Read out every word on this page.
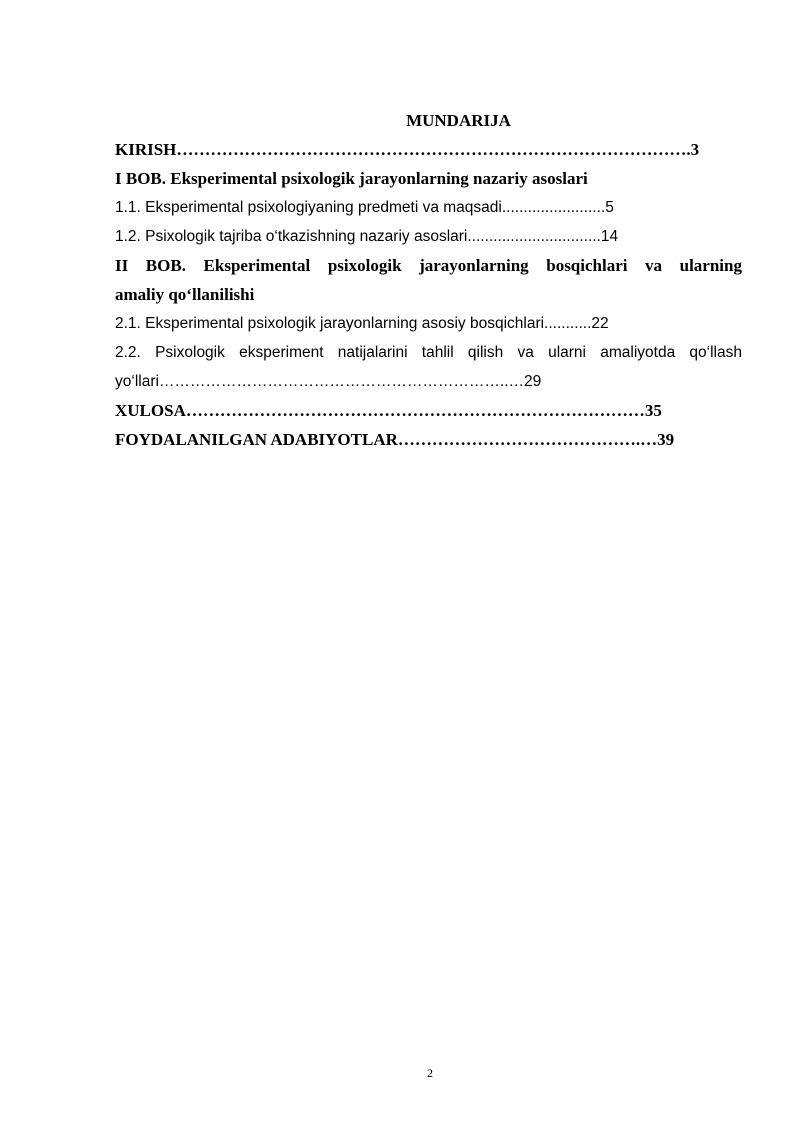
MUNDARIJA
KIRISH……………………………………………………………………………….3
I BOB. Eksperimental psixologik jarayonlarning nazariy asoslari
1.1. Eksperimental psixologiyaning predmeti va maqsadi........................5
1.2. Psixologik tajriba o‘tkazishning nazariy asoslari...............................14
II BOB. Eksperimental psixologik jarayonlarning bosqichlari va ularning
amaliy qo‘llanilishi
2.1. Eksperimental psixologik jarayonlarning asosiy bosqichlari...........22
2.2. Psixologik eksperiment natijalarini tahlil qilish va ularni amaliyotda qo‘llash
yo‘llari…………………………………………………………..…29
XULOSA………………………………………………………………………35
FOYDALANILGAN ADABIYOTLAR…………………………………….…39
2
